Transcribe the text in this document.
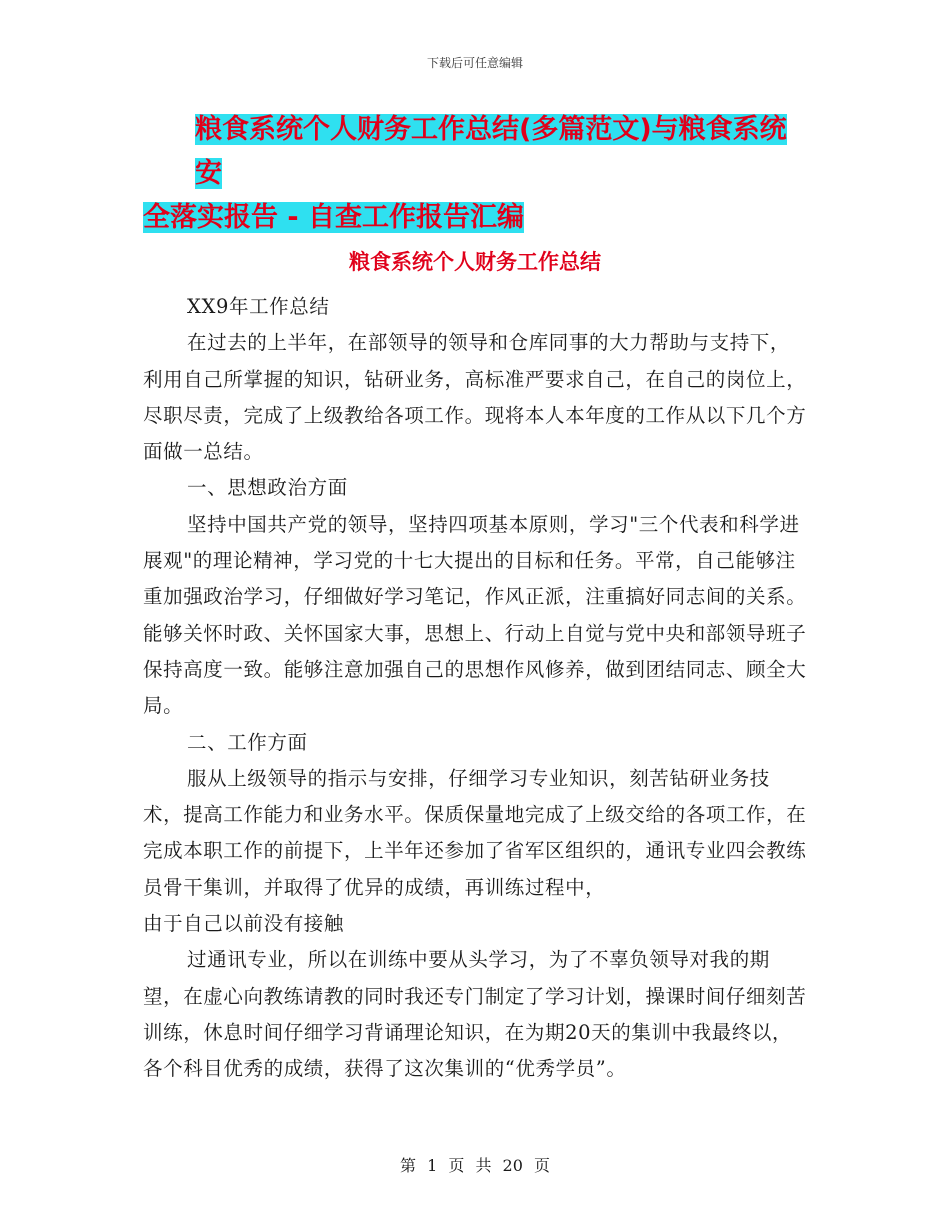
下载后可任意编辑
粮食系统个人财务工作总结(多篇范文)与粮食系统安
全落实报告 - 自查工作报告汇编
粮食系统个人财务工作总结

XX9年工作总结

在过去的上半年，在部领导的领导和仓库同事的大力帮助与支持下，利用自己所掌握的知识，钻研业务，高标准严要求自己，在自己的岗位上，尽职尽责，完成了上级教给各项工作。现将本人本年度的工作从以下几个方面做一总结。

一、思想政治方面

坚持中国共产党的领导，坚持四项基本原则，学习"三个代表和科学进展观"的理论精神，学习党的十七大提出的目标和任务。平常，自己能够注重加强政治学习，仔细做好学习笔记，作风正派，注重搞好同志间的关系。能够关怀时政、关怀国家大事，思想上、行动上自觉与党中央和部领导班子保持高度一致。能够注意加强自己的思想作风修养，做到团结同志、顾全大局。

二、工作方面

服从上级领导的指示与安排，仔细学习专业知识，刻苦钻研业务技术，提高工作能力和业务水平。保质保量地完成了上级交给的各项工作，在完成本职工作的前提下，上半年还参加了省军区组织的，通讯专业四会教练员骨干集训，并取得了优异的成绩，再训练过程中，

由于自己以前没有接触

过通讯专业，所以在训练中要从头学习，为了不辜负领导对我的期望，在虚心向教练请教的同时我还专门制定了学习计划，操课时间仔细刻苦训练，休息时间仔细学习背诵理论知识，在为期20天的集训中我最终以，各个科目优秀的成绩，获得了这次集训的“优秀学员”。

第 1 页 共 20 页
